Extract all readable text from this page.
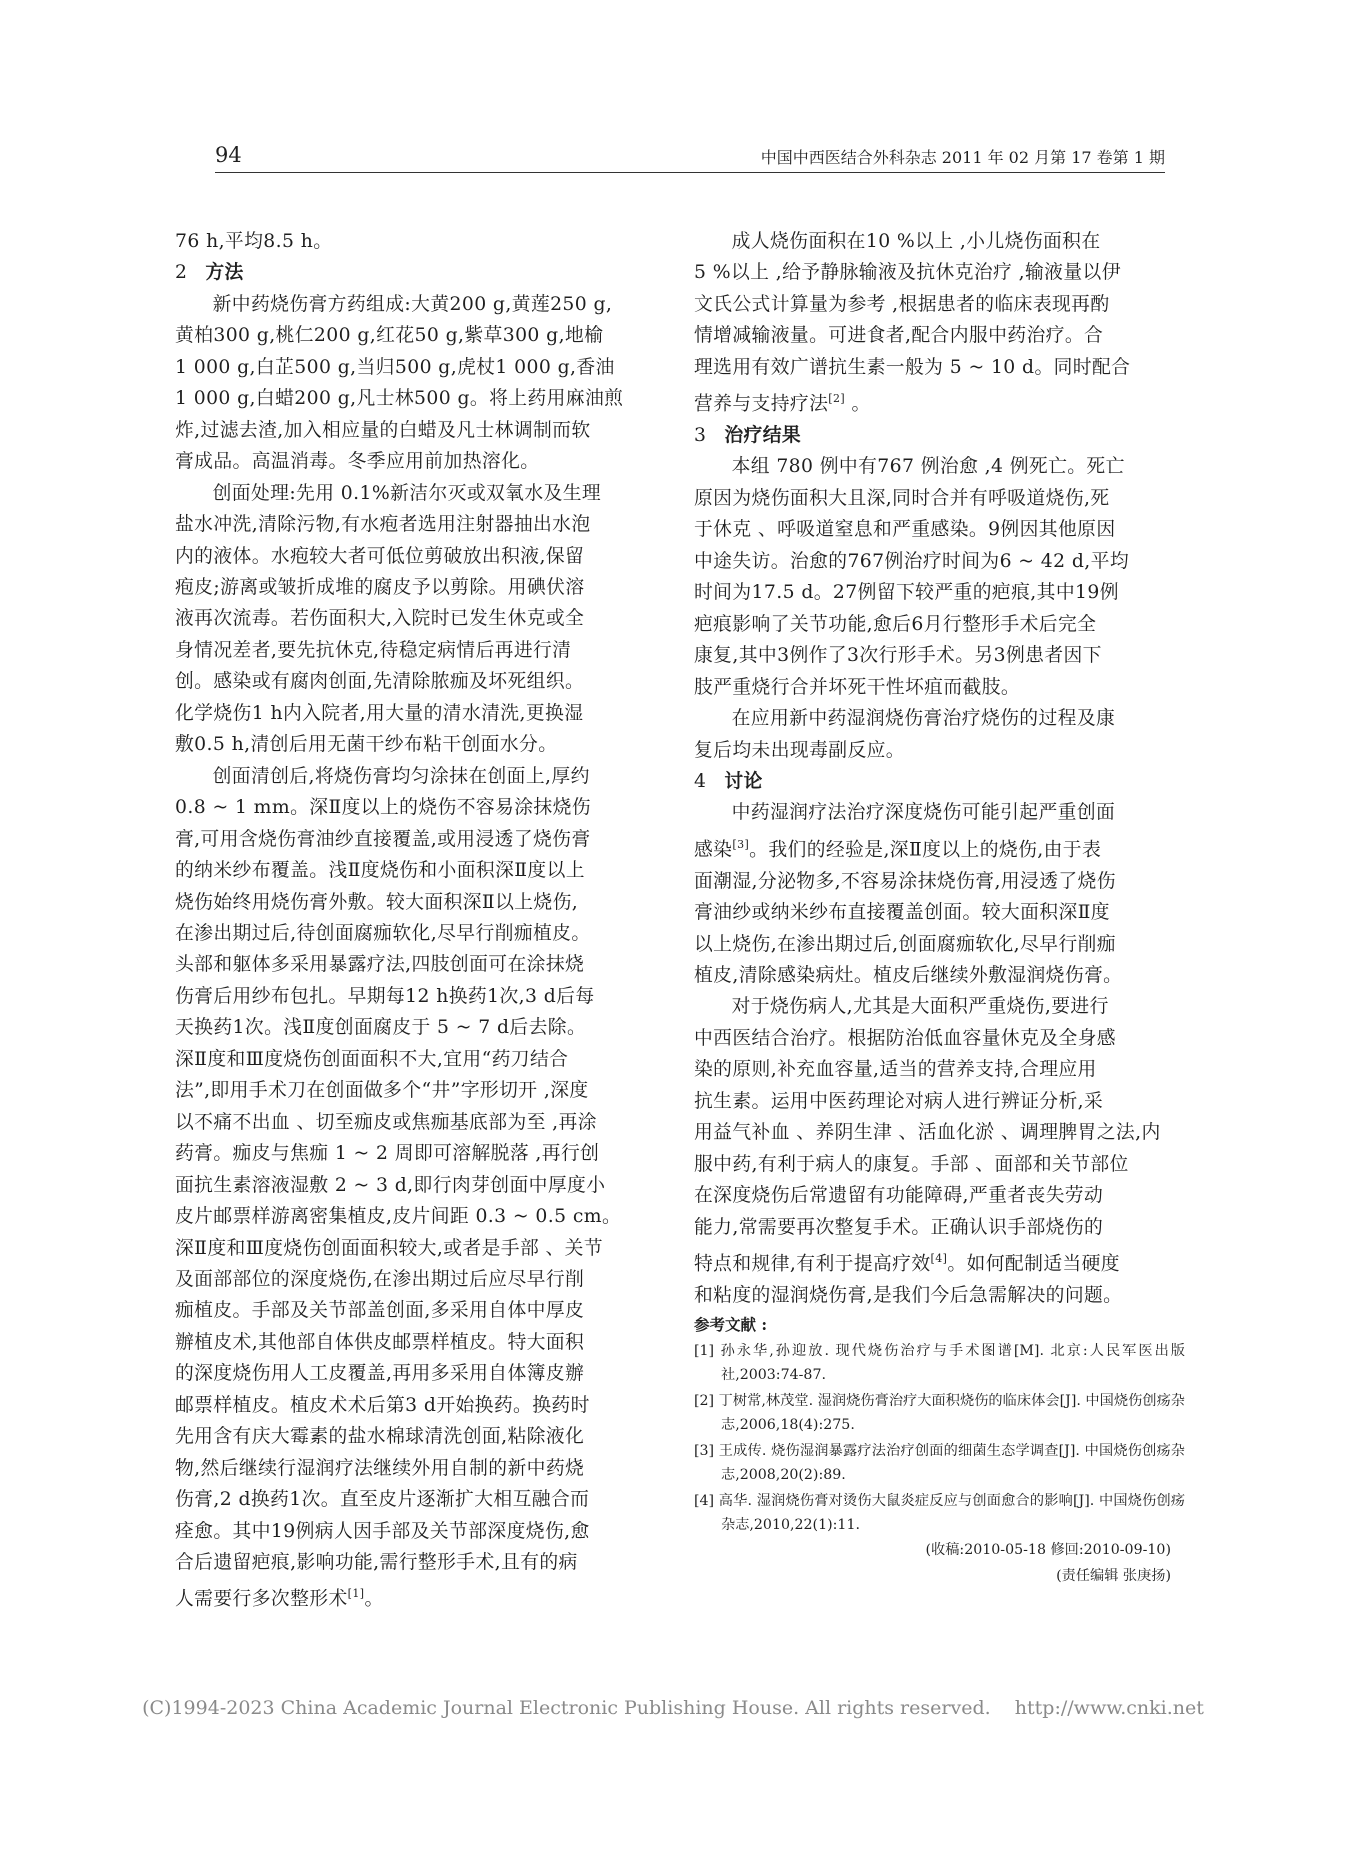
94	中国中西医结合外科杂志 2011 年 02 月第 17 卷第 1 期

76 h,平均8.5 h。

2 方法

新中药烧伤膏方药组成:大黄200 g,黄莲250 g,
黄柏300 g,桃仁200 g,红花50 g,紫草300 g,地榆
1 000 g,白芷500 g,当归500 g,虎杖1 000 g,香油
1 000 g,白蜡200 g,凡士林500 g。将上药用麻油煎
炸,过滤去渣,加入相应量的白蜡及凡士林调制而软
膏成品。高温消毒。冬季应用前加热溶化。

创面处理:先用 0.1%新洁尔灭或双氧水及生理
盐水冲洗,清除污物,有水疱者选用注射器抽出水泡
内的液体。水疱较大者可低位剪破放出积液,保留
疱皮;游离或皱折成堆的腐皮予以剪除。用碘伏溶
液再次流毒。若伤面积大,入院时已发生休克或全
身情况差者,要先抗休克,待稳定病情后再进行清
创。感染或有腐肉创面,先清除脓痂及坏死组织。
化学烧伤1 h内入院者,用大量的清水清洗,更换湿
敷0.5 h,清创后用无菌干纱布粘干创面水分。

创面清创后,将烧伤膏均匀涂抹在创面上,厚约
0.8 ~ 1 mm。深Ⅱ度以上的烧伤不容易涂抹烧伤
膏,可用含烧伤膏油纱直接覆盖,或用浸透了烧伤膏
的纳米纱布覆盖。浅Ⅱ度烧伤和小面积深Ⅱ度以上
烧伤始终用烧伤膏外敷。较大面积深Ⅱ以上烧伤,
在渗出期过后,待创面腐痂软化,尽早行削痂植皮。
头部和躯体多采用暴露疗法,四肢创面可在涂抹烧
伤膏后用纱布包扎。早期每12 h换药1次,3 d后每
天换药1次。浅Ⅱ度创面腐皮于 5 ~ 7 d后去除。
深Ⅱ度和Ⅲ度烧伤创面面积不大,宜用“药刀结合
法”,即用手术刀在创面做多个“井”字形切开 ,深度
以不痛不出血 、切至痂皮或焦痂基底部为至 ,再涂
药膏。痂皮与焦痂 1 ~ 2 周即可溶解脱落 ,再行创
面抗生素溶液湿敷 2 ~ 3 d,即行肉芽创面中厚度小
皮片邮票样游离密集植皮,皮片间距 0.3 ~ 0.5 cm。
深Ⅱ度和Ⅲ度烧伤创面面积较大,或者是手部 、关节
及面部部位的深度烧伤,在渗出期过后应尽早行削
痂植皮。手部及关节部盖创面,多采用自体中厚皮
辦植皮术,其他部自体供皮邮票样植皮。特大面积
的深度烧伤用人工皮覆盖,再用多采用自体簿皮辦
邮票样植皮。植皮术术后第3 d开始换药。换药时
先用含有庆大霉素的盐水棉球清洗创面,粘除液化
物,然后继续行湿润疗法继续外用自制的新中药烧
伤膏,2 d换药1次。直至皮片逐渐扩大相互融合而
痊愈。其中19例病人因手部及关节部深度烧伤,愈
合后遗留疤痕,影响功能,需行整形手术,且有的病
人需要行多次整形术[1]。

成人烧伤面积在10 %以上 ,小儿烧伤面积在
5 %以上 ,给予静脉输液及抗休克治疗 ,输液量以伊
文氏公式计算量为参考 ,根据患者的临床表现再酌
情增减输液量。可进食者,配合内服中药治疗。合
理选用有效广谱抗生素一般为 5 ~ 10 d。同时配合
营养与支持疗法[2] 。

3 治疗结果

本组 780 例中有767 例治愈 ,4 例死亡。死亡
原因为烧伤面积大且深,同时合并有呼吸道烧伤,死
于休克 、呼吸道窒息和严重感染。9例因其他原因
中途失访。治愈的767例治疗时间为6 ~ 42 d,平均
时间为17.5 d。27例留下较严重的疤痕,其中19例
疤痕影响了关节功能,愈后6月行整形手术后完全
康复,其中3例作了3次行形手术。另3例患者因下
肢严重烧行合并坏死干性坏疽而截肢。

在应用新中药湿润烧伤膏治疗烧伤的过程及康
复后均未出现毒副反应。

4 讨论

中药湿润疗法治疗深度烧伤可能引起严重创面
感染[3]。我们的经验是,深Ⅱ度以上的烧伤,由于表
面潮湿,分泌物多,不容易涂抹烧伤膏,用浸透了烧伤
膏油纱或纳米纱布直接覆盖创面。较大面积深Ⅱ度
以上烧伤,在渗出期过后,创面腐痂软化,尽早行削痂
植皮,清除感染病灶。植皮后继续外敷湿润烧伤膏。

对于烧伤病人,尤其是大面积严重烧伤,要进行
中西医结合治疗。根据防治低血容量休克及全身感
染的原则,补充血容量,适当的营养支持,合理应用
抗生素。运用中医药理论对病人进行辨证分析,采
用益气补血 、养阴生津 、活血化淤 、调理脾胃之法,内
服中药,有利于病人的康复。手部 、面部和关节部位
在深度烧伤后常遗留有功能障碍,严重者丧失劳动
能力,常需要再次整复手术。正确认识手部烧伤的
特点和规律,有利于提高疗效[4]。如何配制适当硬度
和粘度的湿润烧伤膏,是我们今后急需解决的问题。

参考文献 :

[1] 孙永华,孙迎放. 现代烧伤治疗与手术图谱[M]. 北京:人民军医出版社,2003:74-87.

[2] 丁树常,林茂堂. 湿润烧伤膏治疗大面积烧伤的临床体会[J]. 中国烧伤创疡杂志,2006,18(4):275.

[3] 王成传. 烧伤湿润暴露疗法治疗创面的细菌生态学调查[J]. 中国烧伤创疡杂志,2008,20(2):89.

[4] 高华. 湿润烧伤膏对烫伤大鼠炎症反应与创面愈合的影响[J]. 中国烧伤创疡杂志,2010,22(1):11.

(收稿:2010-05-18 修回:2010-09-10)

(责任编辑 张庚扬)

(C)1994-2023 China Academic Journal Electronic Publishing House. All rights reserved.    http://www.cnki.net
